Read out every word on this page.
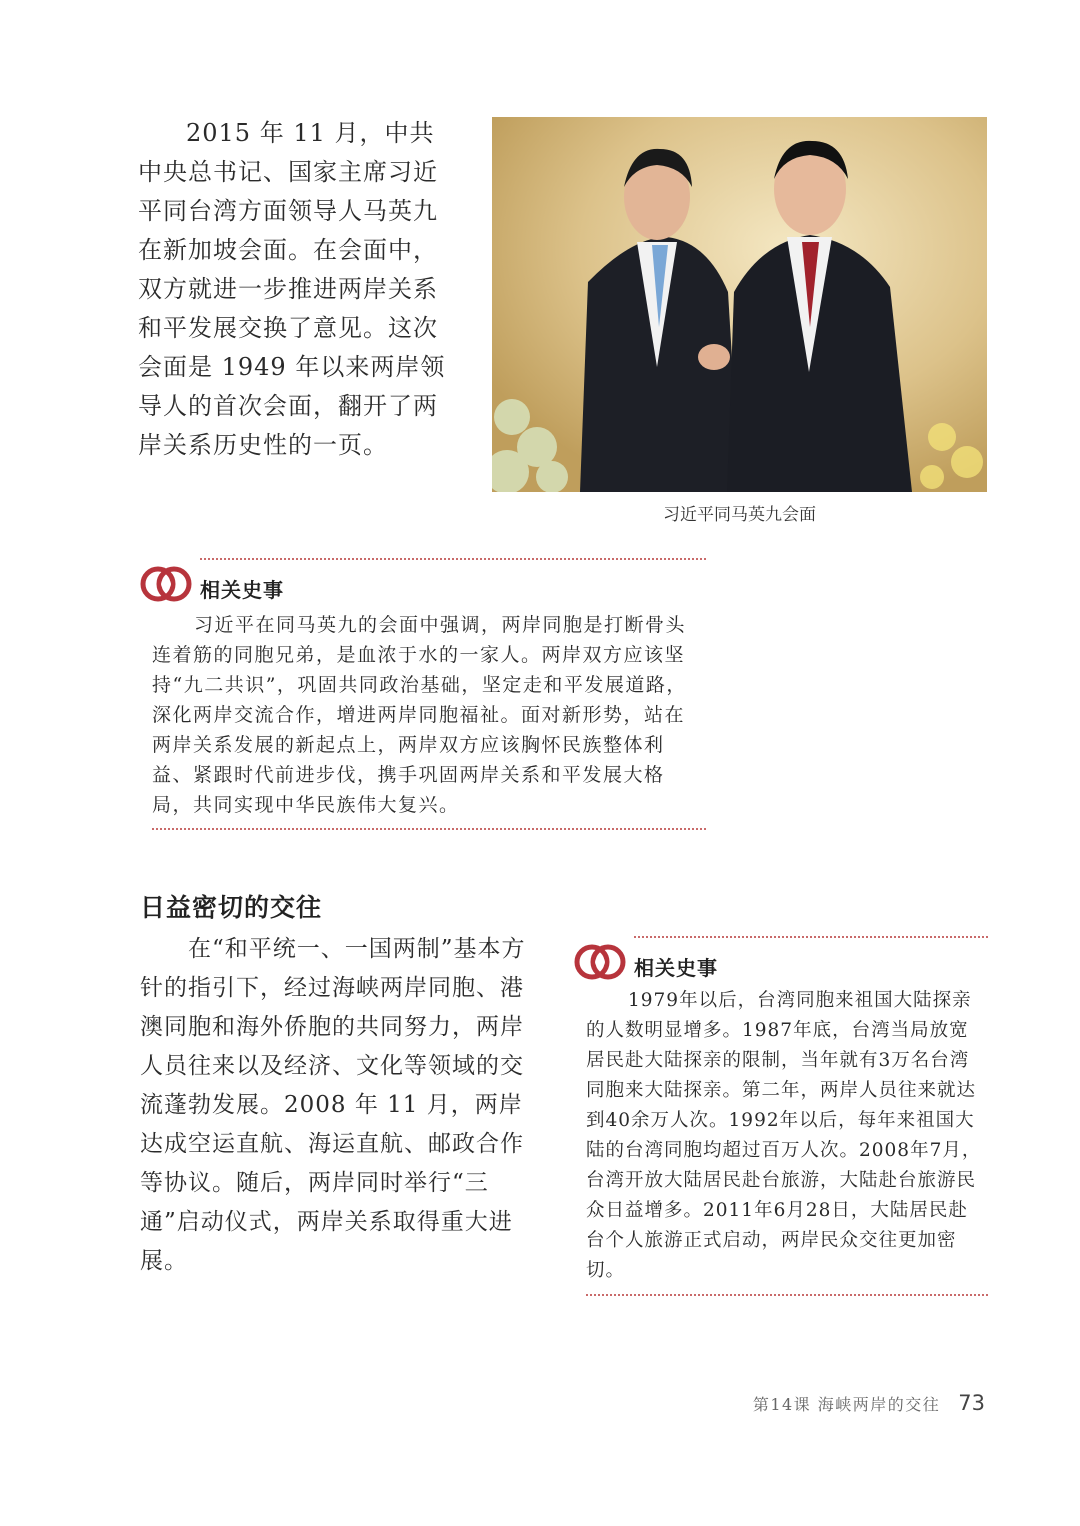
2015 年 11 月，中共中央总书记、国家主席习近平同台湾方面领导人马英九在新加坡会面。在会面中，双方就进一步推进两岸关系和平发展交换了意见。这次会面是 1949 年以来两岸领导人的首次会面，翻开了两岸关系历史性的一页。

习近平同马英九会面
相关史事

习近平在同马英九的会面中强调，两岸同胞是打断骨头连着筋的同胞兄弟，是血浓于水的一家人。两岸双方应该坚持“九二共识”，巩固共同政治基础，坚定走和平发展道路，深化两岸交流合作，增进两岸同胞福祉。面对新形势，站在两岸关系发展的新起点上，两岸双方应该胸怀民族整体利益、紧跟时代前进步伐，携手巩固两岸关系和平发展大格局，共同实现中华民族伟大复兴。

日益密切的交往

在“和平统一、一国两制”基本方针的指引下，经过海峡两岸同胞、港澳同胞和海外侨胞的共同努力，两岸人员往来以及经济、文化等领域的交流蓬勃发展。2008 年 11 月，两岸达成空运直航、海运直航、邮政合作等协议。随后，两岸同时举行“三通”启动仪式，两岸关系取得重大进展。

相关史事

1979年以后，台湾同胞来祖国大陆探亲的人数明显增多。1987年底，台湾当局放宽居民赴大陆探亲的限制，当年就有3万名台湾同胞来大陆探亲。第二年，两岸人员往来就达到40余万人次。1992年以后，每年来祖国大陆的台湾同胞均超过百万人次。2008年7月，台湾开放大陆居民赴台旅游，大陆赴台旅游民众日益增多。2011年6月28日，大陆居民赴台个人旅游正式启动，两岸民众交往更加密切。

第14课 海峡两岸的交往 73
